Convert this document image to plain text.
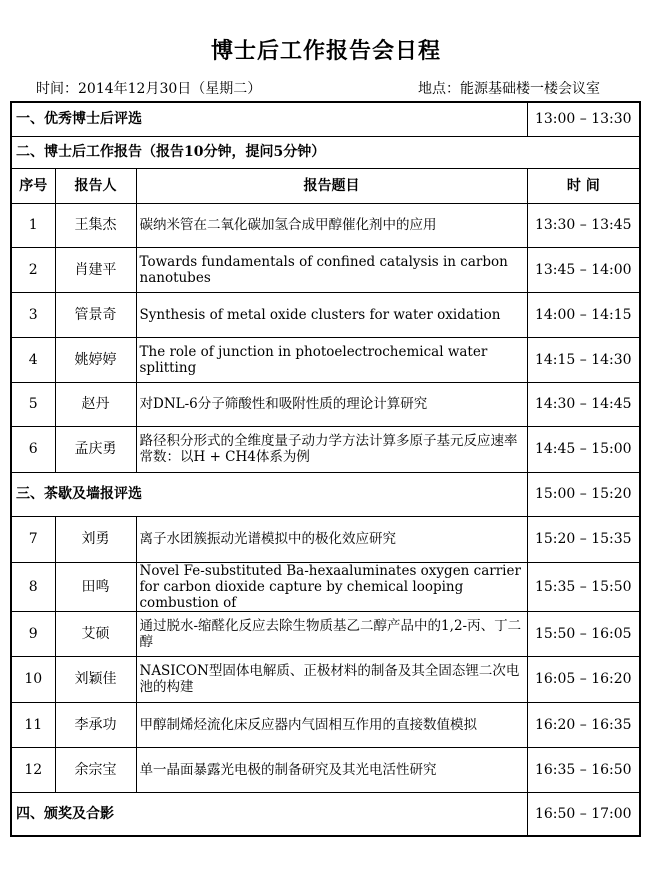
博士后工作报告会日程
时间：2014年12月30日（星期二）	地点：能源基础楼一楼会议室
一、优秀博士后评选			13:00 – 13:30
二、博士后工作报告（报告10分钟，提问5分钟）			
序号	报告人	报告题目	时 间
1	王集杰	碳纳米管在二氧化碳加氢合成甲醇催化剂中的应用	13:30 – 13:45
2	肖建平	Towards fundamentals of confined catalysis in carbon nanotubes	13:45 – 14:00
3	管景奇	Synthesis of metal oxide clusters for water oxidation	14:00 – 14:15
4	姚婷婷	The role of junction in photoelectrochemical water splitting	14:15 – 14:30
5	赵丹	对DNL-6分子筛酸性和吸附性质的理论计算研究	14:30 – 14:45
6	孟庆勇	路径积分形式的全维度量子动力学方法计算多原子基元反应速率常数：以H + CH4体系为例	14:45 – 15:00
三、茶歇及墙报评选			15:00 – 15:20
7	刘勇	离子水团簇振动光谱模拟中的极化效应研究	15:20 – 15:35
8	田鸣	Novel Fe-substituted Ba-hexaaluminates oxygen carrier for carbon dioxide capture by chemical looping combustion of	15:35 – 15:50
9	艾硕	通过脱水-缩醛化反应去除生物质基乙二醇产品中的1,2-丙、丁二醇	15:50 – 16:05
10	刘颖佳	NASICON型固体电解质、正极材料的制备及其全固态锂二次电池的构建	16:05 – 16:20
11	李承功	甲醇制烯烃流化床反应器内气固相互作用的直接数值模拟	16:20 – 16:35
12	余宗宝	单一晶面暴露光电极的制备研究及其光电活性研究	16:35 – 16:50
四、颁奖及合影			16:50 – 17:00
